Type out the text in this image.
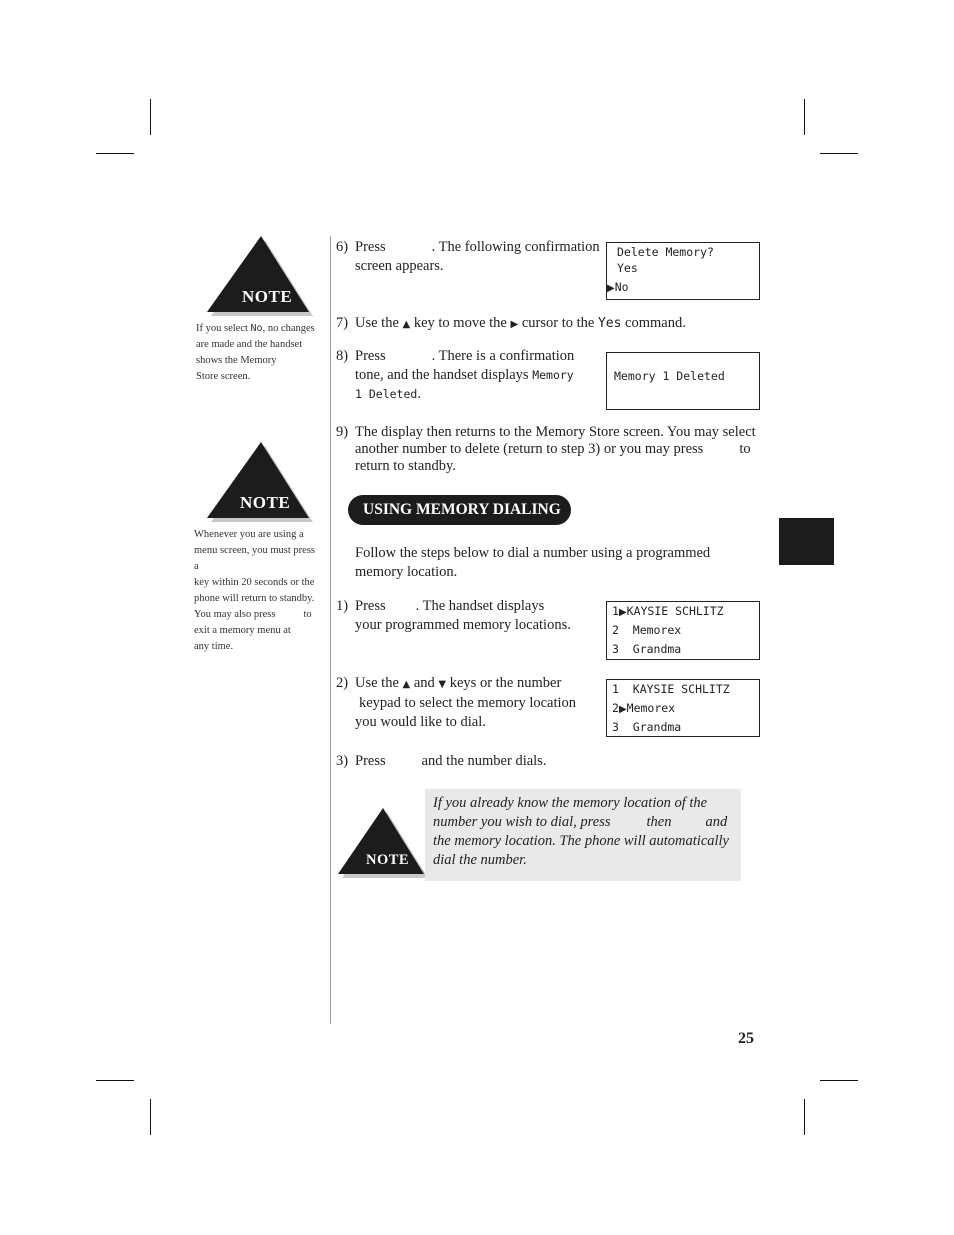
NOTE
If you select No, no changes
are made and the handset
shows the Memory
Store screen.
NOTE
Whenever you are using a
menu screen, you must press a
key within 20 seconds or the
phone will return to standby.
You may also press	to
exit a memory menu at
any time.
6) Press	. The following confirmation
screen appears.
Delete Memory?
Yes
▶No
7) Use the ▲ key to move the ▶ cursor to the Yes command.
8) Press	. There is a confirmation
tone, and the handset displays Memory
1 Deleted.
Memory 1 Deleted
9) The display then returns to the Memory Store screen. You may select
another number to delete (return to step 3) or you may press to
return to standby.
USING MEMORY DIALING
Follow the steps below to dial a number using a programmed
memory location.
1) Press . The handset displays
your programmed memory locations.
1▶KAYSIE SCHLITZ
2  Memorex
3  Grandma
2) Use the ▲ and ▼ keys or the number
keypad to select the memory location
you would like to dial.
1  KAYSIE SCHLITZ
2▶Memorex
3  Grandma
3) Press and the number dials.
NOTE
If you already know the memory location of the
number you wish to dial, press then and
the memory location. The phone will automatically
dial the number.
25
